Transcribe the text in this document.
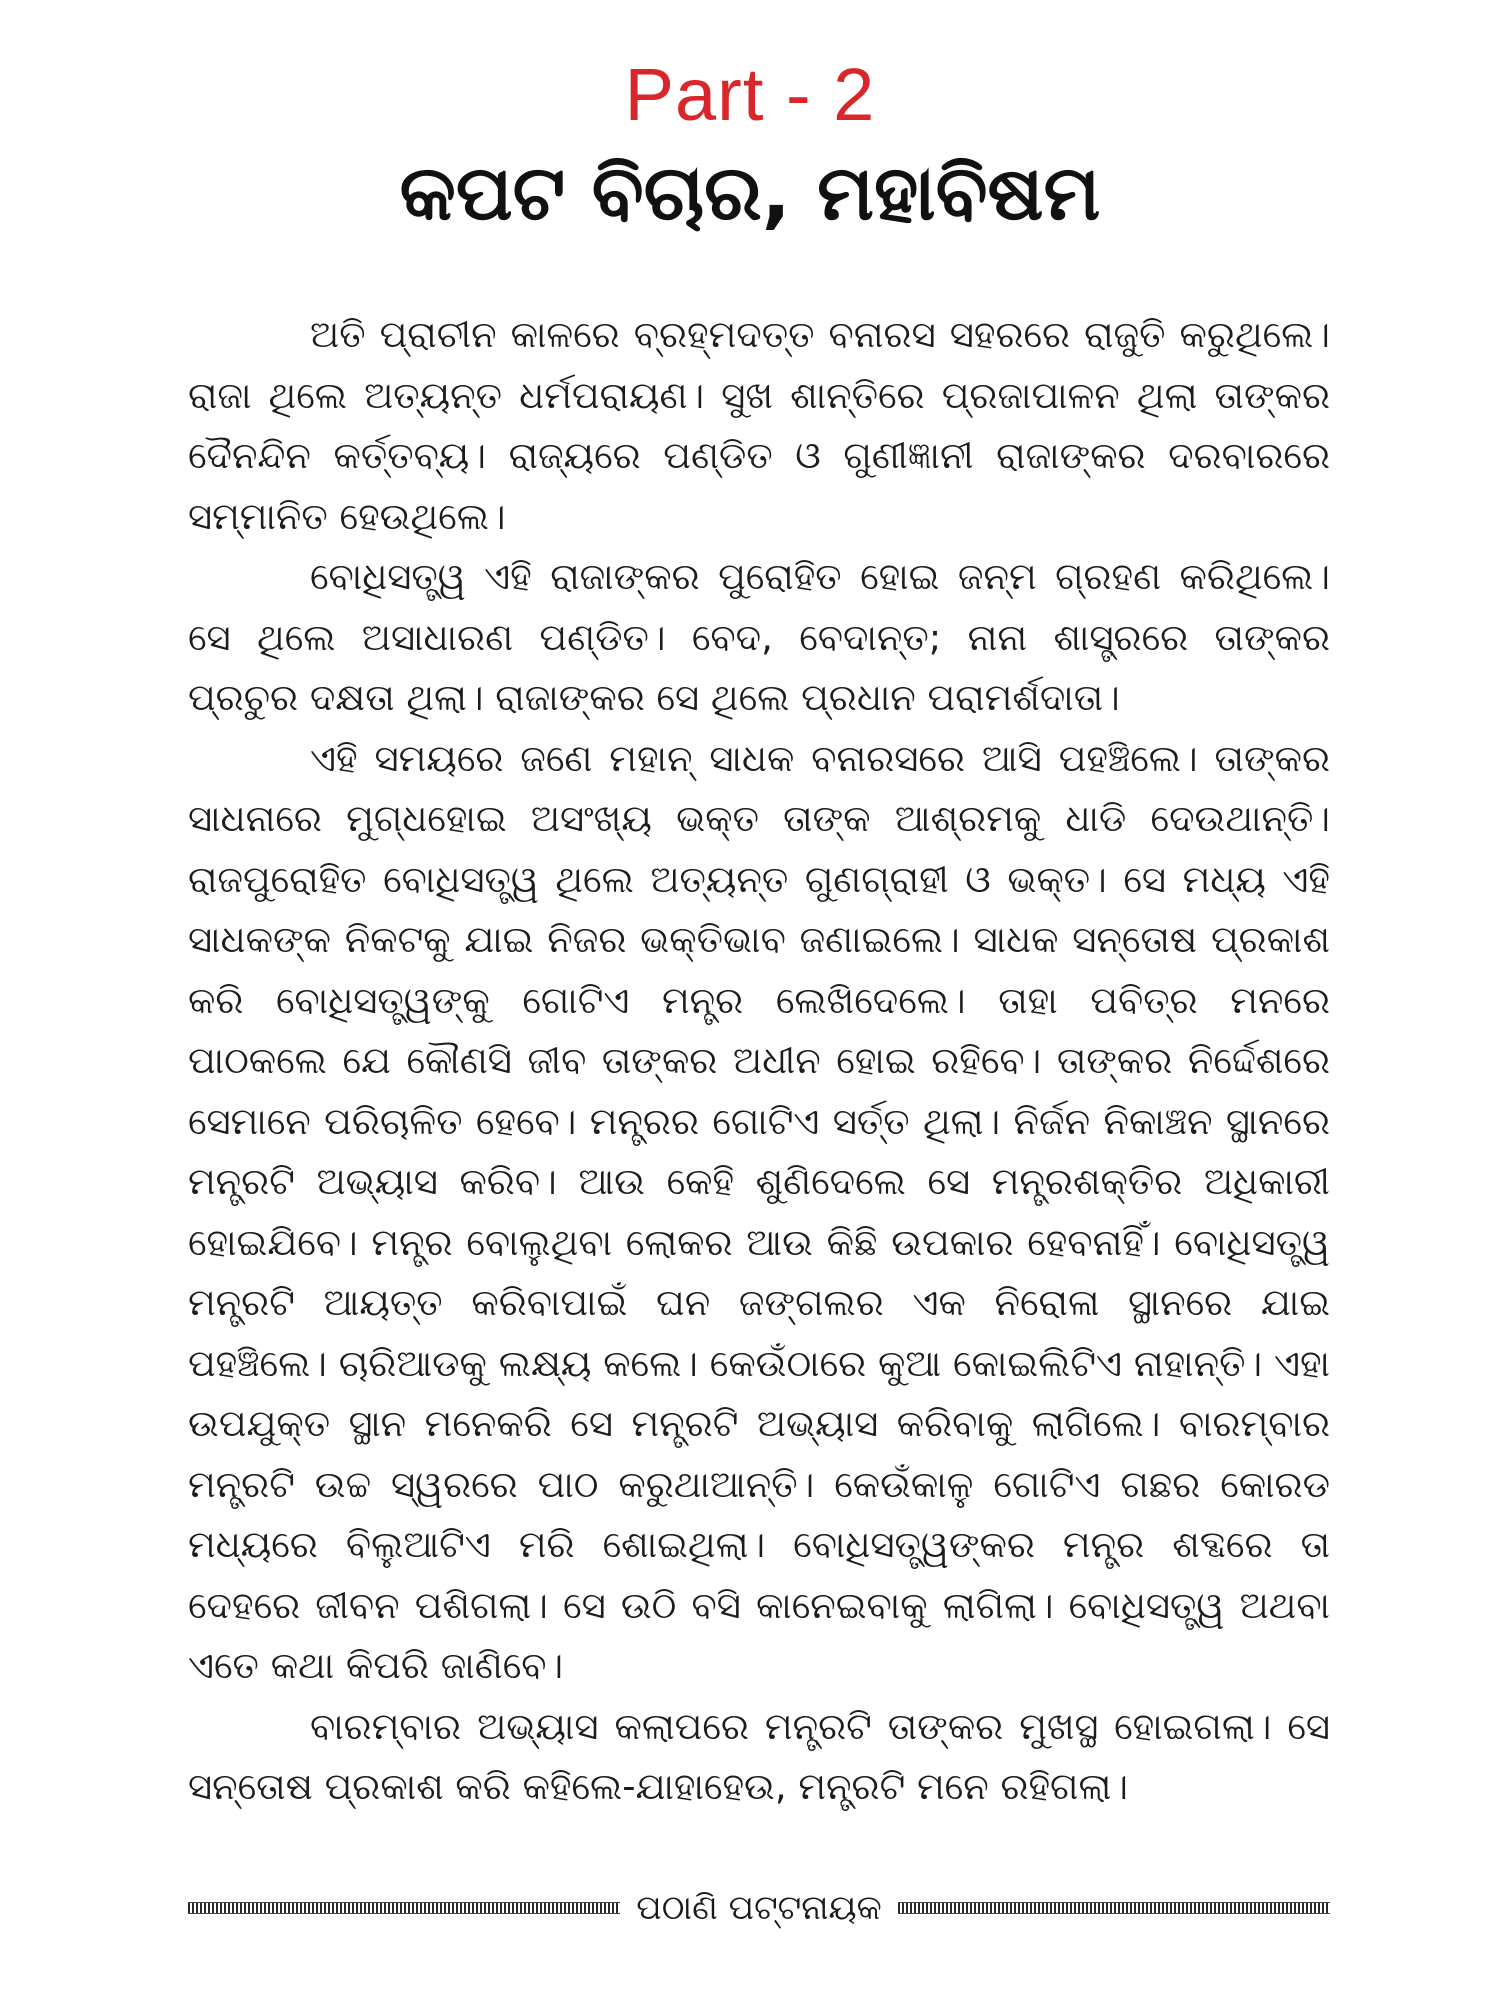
Part - 2
କପଟ ବିଚାର, ମହାବିଷମ

ଅତି ପ୍ରାଚୀନ କାଳରେ ବ୍ରହ୍ମଦତ୍ତ ବନାରସ ସହରରେ ରାଜୁତି କରୁଥିଲେ। ରାଜା ଥିଲେ ଅତ୍ୟନ୍ତ ଧର୍ମପରାୟଣ। ସୁଖ ଶାନ୍ତିରେ ପ୍ରଜାପାଳନ ଥିଲା ତାଙ୍କର ଦୈନନ୍ଦିନ କର୍ତ୍ତବ୍ୟ। ରାଜ୍ୟରେ ପଣ୍ଡିତ ଓ ଗୁଣୀଜ୍ଞାନୀ ରାଜାଙ୍କର ଦରବାରରେ ସମ୍ମାନିତ ହେଉଥିଲେ।

ବୋଧିସତ୍ତ୍ୱ ଏହି ରାଜାଙ୍କର ପୁରୋହିତ ହୋଇ ଜନ୍ମ ଗ୍ରହଣ କରିଥିଲେ। ସେ ଥିଲେ ଅସାଧାରଣ ପଣ୍ଡିତ। ବେଦ, ବେଦାନ୍ତ; ନାନା ଶାସ୍ତ୍ରରେ ତାଙ୍କର ପ୍ରଚୁର ଦକ୍ଷତା ଥିଲା। ରାଜାଙ୍କର ସେ ଥିଲେ ପ୍ରଧାନ ପରାମର୍ଶଦାତା।

ଏହି ସମୟରେ ଜଣେ ମହାନ୍ ସାଧକ ବନାରସରେ ଆସି ପହଞ୍ଚିଲେ। ତାଙ୍କର ସାଧନାରେ ମୁଗ୍ଧହୋଇ ଅସଂଖ୍ୟ ଭକ୍ତ ତାଙ୍କ ଆଶ୍ରମକୁ ଧାଡି ଦେଉଥାନ୍ତି। ରାଜପୁରୋହିତ ବୋଧିସତ୍ତ୍ୱ ଥିଲେ ଅତ୍ୟନ୍ତ ଗୁଣଗ୍ରାହୀ ଓ ଭକ୍ତ। ସେ ମଧ୍ୟ ଏହି ସାଧକଙ୍କ ନିକଟକୁ ଯାଇ ନିଜର ଭକ୍ତିଭାବ ଜଣାଇଲେ। ସାଧକ ସନ୍ତୋଷ ପ୍ରକାଶ କରି ବୋଧିସତ୍ତ୍ୱଙ୍କୁ ଗୋଟିଏ ମନ୍ତ୍ର ଲେଖିଦେଲେ। ତାହା ପବିତ୍ର ମନରେ ପାଠକଲେ ଯେ କୌଣସି ଜୀବ ତାଙ୍କର ଅଧୀନ ହୋଇ ରହିବେ। ତାଙ୍କର ନିର୍ଦ୍ଦେଶରେ ସେମାନେ ପରିଚାଳିତ ହେବେ। ମନ୍ତ୍ରର ଗୋଟିଏ ସର୍ତ୍ତ ଥିଲା। ନିର୍ଜନ ନିକାଞ୍ଚନ ସ୍ଥାନରେ ମନ୍ତ୍ରଟି ଅଭ୍ୟାସ କରିବ। ଆଉ କେହି ଶୁଣିଦେଲେ ସେ ମନ୍ତ୍ରଶକ୍ତିର ଅଧିକାରୀ ହୋଇଯିବେ। ମନ୍ତ୍ର ବୋଲୁଥିବା ଲୋକର ଆଉ କିଛି ଉପକାର ହେବନାହିଁ। ବୋଧିସତ୍ତ୍ୱ ମନ୍ତ୍ରଟି ଆୟତ୍ତ କରିବାପାଇଁ ଘନ ଜଙ୍ଗଲର ଏକ ନିରୋଳା ସ୍ଥାନରେ ଯାଇ ପହଞ୍ଚିଲେ। ଚାରିଆଡକୁ ଲକ୍ଷ୍ୟ କଲେ। କେଉଁଠାରେ କୁଆ କୋଇଲିଟିଏ ନାହାନ୍ତି। ଏହା ଉପଯୁକ୍ତ ସ୍ଥାନ ମନେକରି ସେ ମନ୍ତ୍ରଟି ଅଭ୍ୟାସ କରିବାକୁ ଲାଗିଲେ। ବାରମ୍ବାର ମନ୍ତ୍ରଟି ଉଚ୍ଚ ସ୍ୱରରେ ପାଠ କରୁଥାଆନ୍ତି। କେଉଁକାଳୁ ଗୋଟିଏ ଗଛର କୋରଡ ମଧ୍ୟରେ ବିଲୁଆଟିଏ ମରି ଶୋଇଥିଲା। ବୋଧିସତ୍ତ୍ୱଙ୍କର ମନ୍ତ୍ର ଶବ୍ଦରେ ତା ଦେହରେ ଜୀବନ ପଶିଗଲା। ସେ ଉଠି ବସି କାନେଇବାକୁ ଲାଗିଲା। ବୋଧିସତ୍ତ୍ୱ ଅଥବା ଏତେ କଥା କିପରି ଜାଣିବେ।

ବାରମ୍ବାର ଅଭ୍ୟାସ କଲାପରେ ମନ୍ତ୍ରଟି ତାଙ୍କର ମୁଖସ୍ଥ ହୋଇଗଲା। ସେ ସନ୍ତୋଷ ପ୍ରକାଶ କରି କହିଲେ-ଯାହାହେଉ, ମନ୍ତ୍ରଟି ମନେ ରହିଗଲା।

ପଠାଣି ପଟ୍ଟନାୟକ
